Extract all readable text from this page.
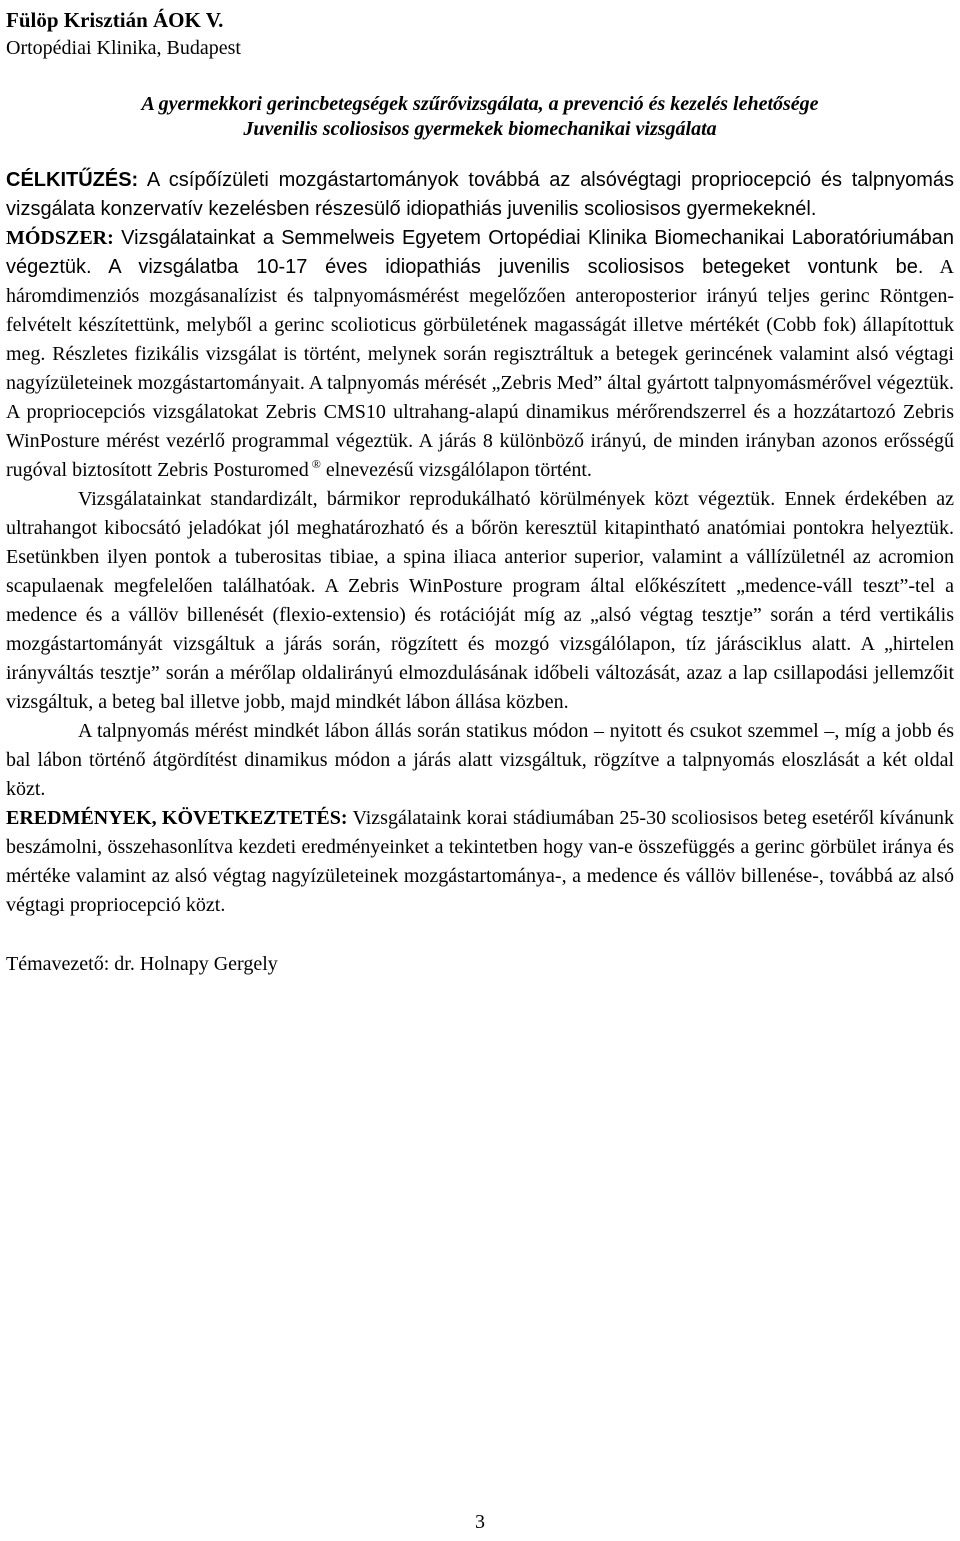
Fülöp Krisztián ÁOK V.
Ortopédiai Klinika, Budapest
A gyermekkori gerincbetegségek szűrővizsgálata, a prevenció és kezelés lehetősége
Juvenilis scoliosisos gyermekek biomechanikai vizsgálata

CÉLKITŰZÉS: A csípőízületi mozgástartományok továbbá az alsóvégtagi propriocepció és talpnyomás vizsgálata konzervatív kezelésben részesülő idiopathiás juvenilis scoliosisos gyermekeknél.

MÓDSZER: Vizsgálatainkat a Semmelweis Egyetem Ortopédiai Klinika Biomechanikai Laboratóriumában végeztük. A vizsgálatba 10-17 éves idiopathiás juvenilis scoliosisos betegeket vontunk be. A háromdimenziós mozgásanalízist és talpnyomásmérést megelőzően anteroposterior irányú teljes gerinc Röntgen-felvételt készítettünk, melyből a gerinc scolioticus görbületének magasságát illetve mértékét (Cobb fok) állapítottuk meg. Részletes fizikális vizsgálat is történt, melynek során regisztráltuk a betegek gerincének valamint alsó végtagi nagyízületeinek mozgástartományait. A talpnyomás mérését „Zebris Med” által gyártott talpnyomásmérővel végeztük. A propriocepciós vizsgálatokat Zebris CMS10 ultrahang-alapú dinamikus mérőrendszerrel és a hozzátartozó Zebris WinPosture mérést vezérlő programmal végeztük. A járás 8 különböző irányú, de minden irányban azonos erősségű rugóval biztosított Zebris Posturomed ® elnevezésű vizsgálólapon történt.

Vizsgálatainkat standardizált, bármikor reprodukálható körülmények közt végeztük. Ennek érdekében az ultrahangot kibocsátó jeladókat jól meghatározható és a bőrön keresztül kitapintható anatómiai pontokra helyeztük. Esetünkben ilyen pontok a tuberositas tibiae, a spina iliaca anterior superior, valamint a vállízületnél az acromion scapulaenak megfelelően találhatóak. A Zebris WinPosture program által előkészített „medence-váll teszt”-tel a medence és a vállöv billenését (flexio-extensio) és rotációját míg az „alsó végtag tesztje” során a térd vertikális mozgástartományát vizsgáltuk a járás során, rögzített és mozgó vizsgálólapon, tíz járásciklus alatt. A „hirtelen irányváltás tesztje” során a mérőlap oldalirányú elmozdulásának időbeli változását, azaz a lap csillapodási jellemzőit vizsgáltuk, a beteg bal illetve jobb, majd mindkét lábon állása közben.

A talpnyomás mérést mindkét lábon állás során statikus módon – nyitott és csukot szemmel –, míg a jobb és bal lábon történő átgördítést dinamikus módon a járás alatt vizsgáltuk, rögzítve a talpnyomás eloszlását a két oldal közt.

EREDMÉNYEK, KÖVETKEZTETÉS: Vizsgálataink korai stádiumában 25-30 scoliosisos beteg esetéről kívánunk beszámolni, összehasonlítva kezdeti eredményeinket a tekintetben hogy van-e összefüggés a gerinc görbület iránya és mértéke valamint az alsó végtag nagyízületeinek mozgástartománya-, a medence és vállöv billenése-, továbbá az alsó végtagi propriocepció közt.

Témavezető: dr. Holnapy Gergely
3
